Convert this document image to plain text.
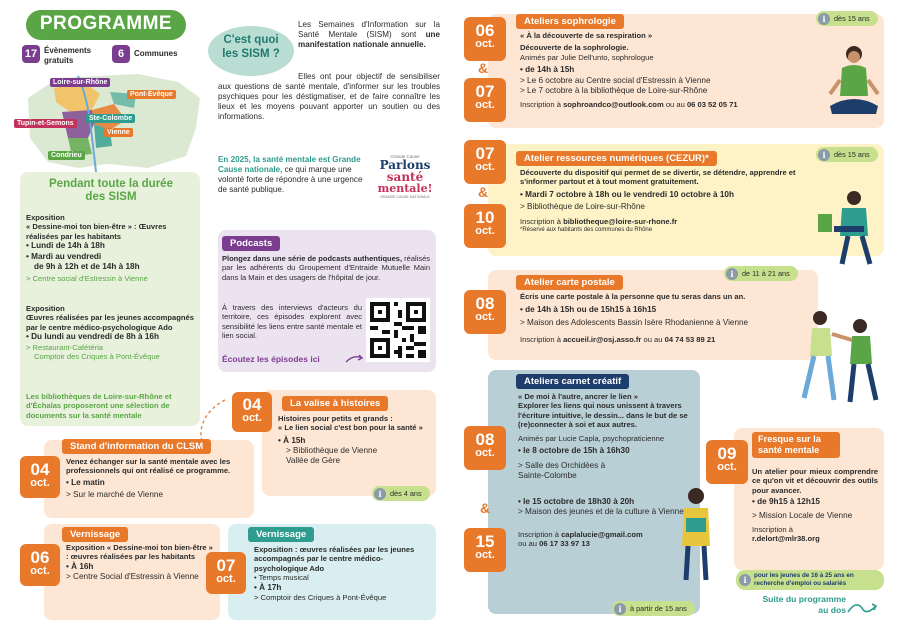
PROGRAMME
17 Évènements gratuits
6	Communes
Loire-sur-Rhône
Pont-Évêque
Tupin-et-Semons
Ste-Colombe
Vienne
Condrieu
Pendant toute la durée des SISM
Exposition
« Dessine-moi ton bien-être » : Œuvres réalisées par les habitants
• Lundi de 14h à 18h
• Mardi au vendredi
de 9h à 12h et de 14h à 18h
> Centre social d'Estressin à Vienne
Exposition
Œuvres réalisées par les jeunes accompagnés par le centre médico-psychologique Ado
• Du lundi au vendredi de 8h à 16h
> Restaurant-Cafétéria
Comptoir des Criques à Pont-Évêque
Les bibliothèques de Loire-sur-Rhône et d'Échalas proposeront une sélection de documents sur la santé mentale
C'est quoi les SISM ?
Les Semaines d'Information sur la Santé Mentale (SISM) sont une manifestation nationale annuelle.
Elles ont pour objectif de sensibiliser aux questions de santé mentale, d'informer sur les troubles psychiques pour les déstigmatiser, et de faire connaître les lieux et les moyens pouvant apporter un soutien ou des informations.
En 2025, la santé mentale est Grande Cause nationale, ce qui marque une volonté forte de répondre à une urgence de santé publique.
Grande Cause
Parlons
santé
mentale!
GRANDE CAUSE NATIONALE
Podcasts
Plongez dans une série de podcasts authentiques, réalisés par les adhérents du Groupement d'Entraide Mutuelle Main dans la Main et des usagers de l'hôpital de jour.
À travers des interviews d'acteurs du territoire, ces épisodes explorent avec sensibilité les liens entre santé mentale et lien social.
Écoutez les épisodes ici
04
oct.
La valise à histoires
Histoires pour petits et grands :
« Le lien social c'est bon pour la santé »
• À 15h
> Bibliothèque de Vienne Vallée de Gère
i	dès 4 ans
04
oct.
Stand d'information du CLSM
Venez échanger sur la santé mentale avec les professionnels qui ont réalisé ce programme.
• Le matin
> Sur le marché de Vienne
06
oct.
Vernissage
Exposition « Dessine-moi ton bien-être » : œuvres réalisées par les habitants
• À 16h
> Centre Social d'Estressin à Vienne
07
oct.
Vernissage
Exposition : œuvres réalisées par les jeunes accompagnés par le centre médico-psychologique Ado
• Temps musical
• À 17h
> Comptoir des Criques à Pont-Évêque
06
oct.
&
07
oct.
Ateliers sophrologie	i	dès 15 ans
« À la découverte de sa respiration »
Découverte de la sophrologie.
Animés par Julie Dell'unto, sophrologue
• de 14h à 15h
> Le 6 octobre au Centre social d'Estressin à Vienne
> Le 7 octobre à la bibliothèque de Loire-sur-Rhône
Inscription à sophroandco@outlook.com ou au 06 03 52 05 71
07
oct.
&
10
oct.
Atelier ressources numériques (CEZUR)*	i	dès 15 ans
Découverte du dispositif qui permet de se divertir, se détendre, apprendre et s'informer partout et à tout moment gratuitement.
• Mardi 7 octobre à 18h ou le vendredi 10 octobre à 10h
> Bibliothèque de Loire-sur-Rhône
Inscription à bibliotheque@loire-sur-rhone.fr
*Réservé aux habitants des communes du Rhône
08
oct.
Atelier carte postale
i	de 11 à 21 ans
Écris une carte postale à la personne que tu seras dans un an.
• de 14h à 15h ou de 15h15 à 16h15
> Maison des Adolescents Bassin Isère Rhodanienne à Vienne
Inscription à accueil.ir@osj.asso.fr ou au 04 74 53 89 21
08
oct.
&
15
oct.
Ateliers carnet créatif
« De moi à l'autre, ancrer le lien »
Explorer les liens qui nous unissent à travers l'écriture intuitive, le dessin... dans le but de se (re)connecter à soi et aux autres.
Animés par Lucie Capla, psychopraticienne
• le 8 octobre de 15h à 16h30
> Salle des Orchidées à Sainte-Colombe
• le 15 octobre de 18h30 à 20h
> Maison des jeunes et de la culture à Vienne
Inscription à caplalucie@gmail.com
ou au 06 17 33 97 13
i	à partir de 15 ans
09
oct.
Fresque sur la santé mentale
Un atelier pour mieux comprendre ce qu'on vit et découvrir des outils pour avancer.
• de 9h15 à 12h15
> Mission Locale de Vienne
Inscription à
r.delort@mlr38.org
i	pour les jeunes de 16 à 25 ans en recherche d'emploi ou salariés
Suite du programme
au dos
